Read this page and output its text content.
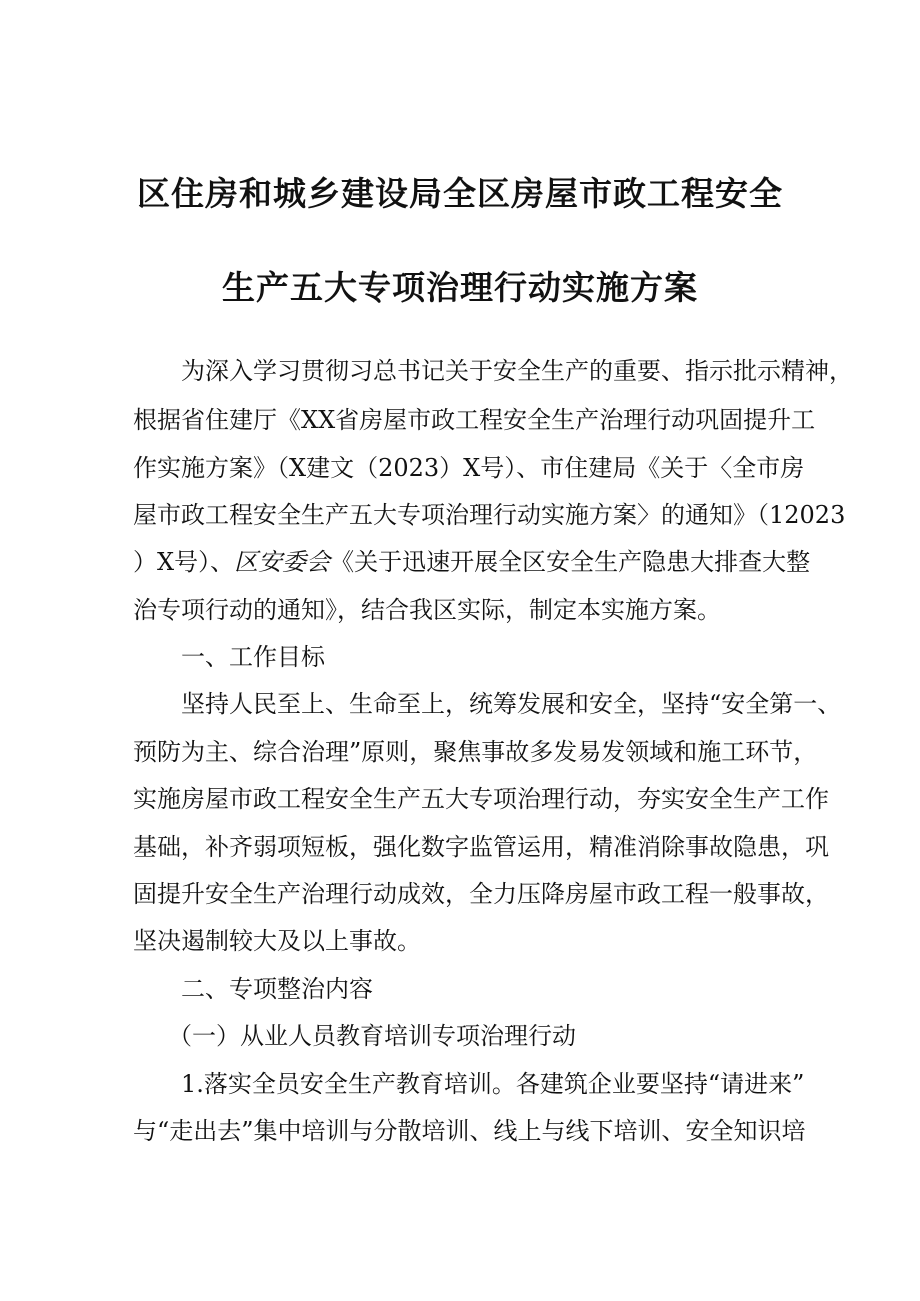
区住房和城乡建设局全区房屋市政工程安全
生产五大专项治理行动实施方案
为深入学习贯彻习总书记关于安全生产的重要、指示批示精神，
根据省住建厅《XX省房屋市政工程安全生产治理行动巩固提升工
作实施方案》（X建文（2023）X号）、市住建局《关于〈全市房
屋市政工程安全生产五大专项治理行动实施方案〉的通知》（12023
）X号）、区安委会《关于迅速开展全区安全生产隐患大排查大整
治专项行动的通知》，结合我区实际，制定本实施方案。
一、工作目标
坚持人民至上、生命至上，统筹发展和安全，坚持“安全第一、
预防为主、综合治理”原则，聚焦事故多发易发领域和施工环节，
实施房屋市政工程安全生产五大专项治理行动，夯实安全生产工作
基础，补齐弱项短板，强化数字监管运用，精准消除事故隐患，巩
固提升安全生产治理行动成效，全力压降房屋市政工程一般事故，
坚决遏制较大及以上事故。
二、专项整治内容
（一）从业人员教育培训专项治理行动
1.落实全员安全生产教育培训。各建筑企业要坚持“请进来”
与“走出去”集中培训与分散培训、线上与线下培训、安全知识培
